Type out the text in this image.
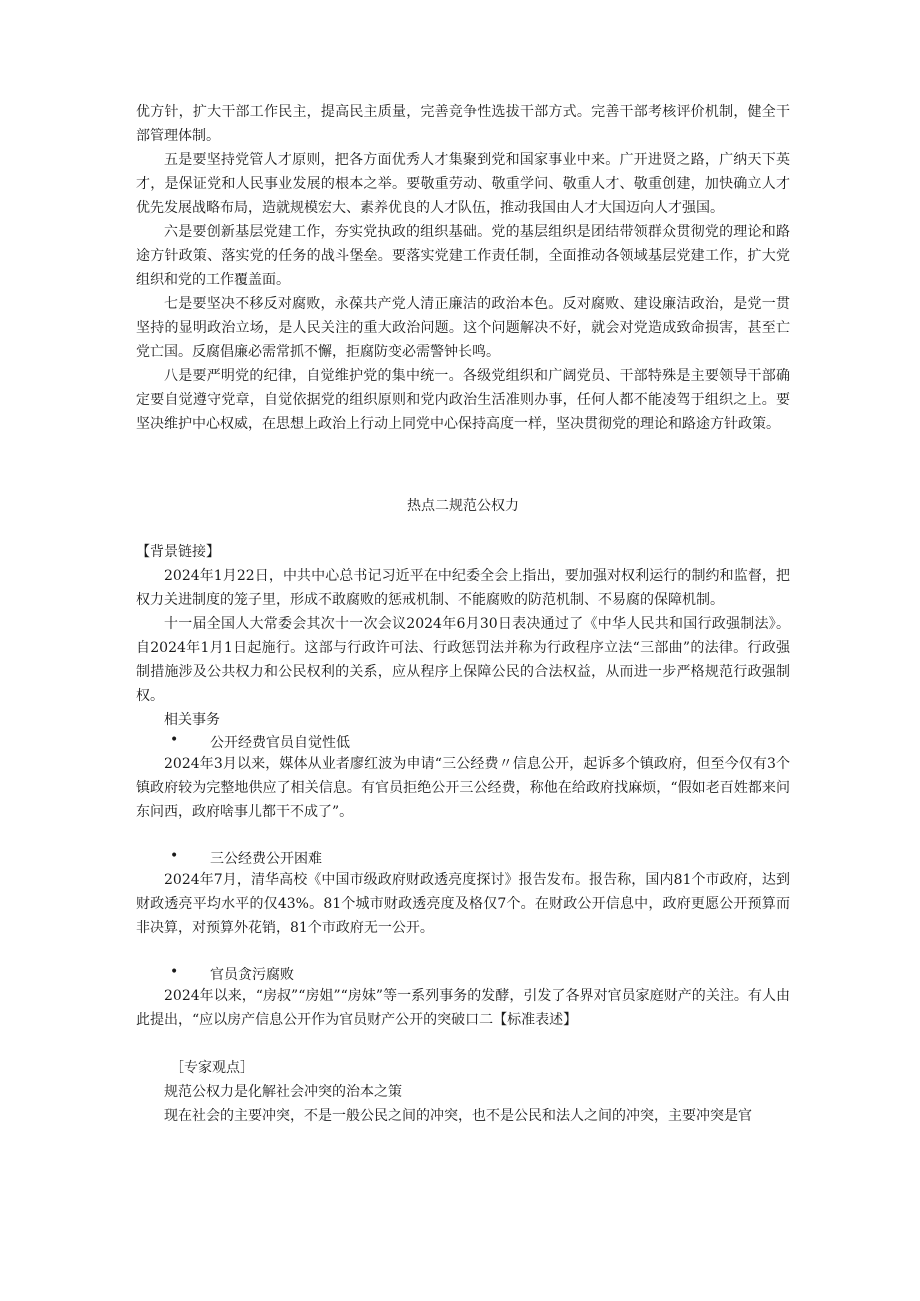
优方针，扩大干部工作民主，提高民主质量，完善竞争性选拔干部方式。完善干部考核评价机制，健全干部管理体制。

五是要坚持党管人才原则，把各方面优秀人才集聚到党和国家事业中来。广开进贤之路，广纳天下英才，是保证党和人民事业发展的根本之举。要敬重劳动、敬重学问、敬重人才、敬重创建，加快确立人才优先发展战略布局，造就规模宏大、素养优良的人才队伍，推动我国由人才大国迈向人才强国。

六是要创新基层党建工作，夯实党执政的组织基础。党的基层组织是团结带领群众贯彻党的理论和路途方针政策、落实党的任务的战斗堡垒。要落实党建工作责任制，全面推动各领域基层党建工作，扩大党组织和党的工作覆盖面。

七是要坚决不移反对腐败，永葆共产党人清正廉洁的政治本色。反对腐败、建设廉洁政治，是党一贯坚持的显明政治立场，是人民关注的重大政治问题。这个问题解决不好，就会对党造成致命损害，甚至亡党亡国。反腐倡廉必需常抓不懈，拒腐防变必需警钟长鸣。

八是要严明党的纪律，自觉维护党的集中统一。各级党组织和广阔党员、干部特殊是主要领导干部确定要自觉遵守党章，自觉依据党的组织原则和党内政治生活准则办事，任何人都不能凌驾于组织之上。要坚决维护中心权威，在思想上政治上行动上同党中心保持高度一样，坚决贯彻党的理论和路途方针政策。

热点二规范公权力

【背景链接】

2024年1月22日，中共中心总书记习近平在中纪委全会上指出，要加强对权利运行的制约和监督，把权力关进制度的笼子里，形成不敢腐败的惩戒机制、不能腐败的防范机制、不易腐的保障机制。

十一届全国人大常委会其次十一次会议2024年6月30日表决通过了《中华人民共和国行政强制法》。自2024年1月1日起施行。这部与行政许可法、行政惩罚法并称为行政程序立法“三部曲”的法律。行政强制措施涉及公共权力和公民权利的关系，应从程序上保障公民的合法权益，从而进一步严格规范行政强制权。

相关事务

•	公开经费官员自觉性低

2024年3月以来，媒体从业者廖红波为申请“三公经费〃信息公开，起诉多个镇政府，但至今仅有3个镇政府较为完整地供应了相关信息。有官员拒绝公开三公经费，称他在给政府找麻烦，“假如老百姓都来问东问西，政府啥事儿都干不成了”。

•	三公经费公开困难

2024年7月，清华高校《中国市级政府财政透亮度探讨》报告发布。报告称，国内81个市政府，达到财政透亮平均水平的仅43%。81个城市财政透亮度及格仅7个。在财政公开信息中，政府更愿公开预算而非决算，对预算外花销，81个市政府无一公开。

•	官员贪污腐败

2024年以来，“房叔”“房姐”“房妹”等一系列事务的发酵，引发了各界对官员家庭财产的关注。有人由此提出，“应以房产信息公开作为官员财产公开的突破口二【标准表述】

［专家观点］

规范公权力是化解社会冲突的治本之策

现在社会的主要冲突，不是一般公民之间的冲突，也不是公民和法人之间的冲突，主要冲突是官
